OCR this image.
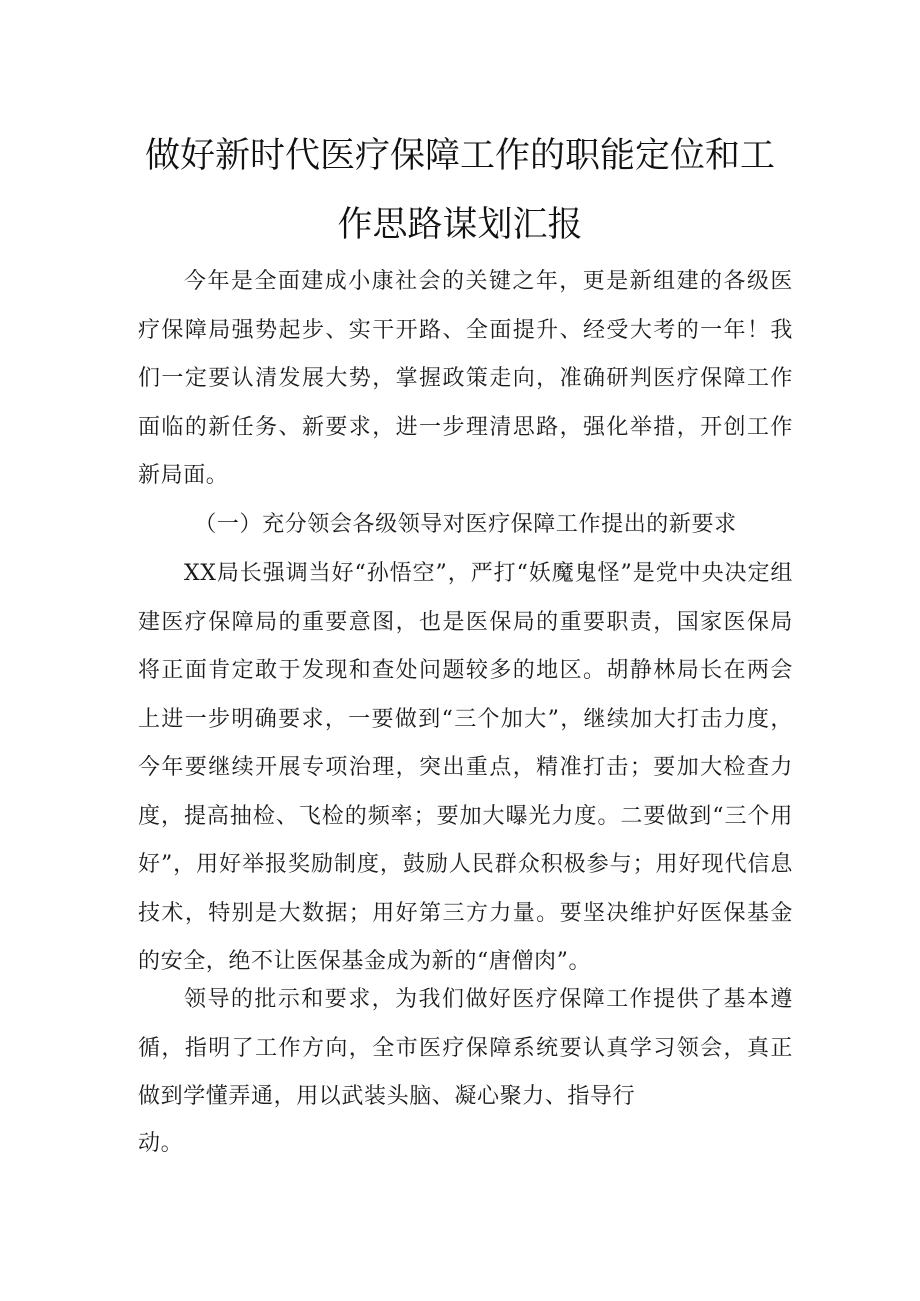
做好新时代医疗保障工作的职能定位和工
作思路谋划汇报
今年是全面建成小康社会的关键之年，更是新组建的各级医疗保障局强势起步、实干开路、全面提升、经受大考的一年！我们一定要认清发展大势，掌握政策走向，准确研判医疗保障工作面临的新任务、新要求，进一步理清思路，强化举措，开创工作新局面。
（一）充分领会各级领导对医疗保障工作提出的新要求
XX局长强调当好“孙悟空”，严打“妖魔鬼怪”是党中央决定组建医疗保障局的重要意图，也是医保局的重要职责，国家医保局将正面肯定敢于发现和查处问题较多的地区。胡静林局长在两会上进一步明确要求，一要做到“三个加大”，继续加大打击力度，今年要继续开展专项治理，突出重点，精准打击；要加大检查力度，提高抽检、飞检的频率；要加大曝光力度。二要做到“三个用好”，用好举报奖励制度，鼓励人民群众积极参与；用好现代信息技术，特别是大数据；用好第三方力量。要坚决维护好医保基金的安全，绝不让医保基金成为新的“唐僧肉”。
领导的批示和要求，为我们做好医疗保障工作提供了基本遵循，指明了工作方向，全市医疗保障系统要认真学习领会，真正做到学懂弄通，用以武装头脑、凝心聚力、指导行
动。
